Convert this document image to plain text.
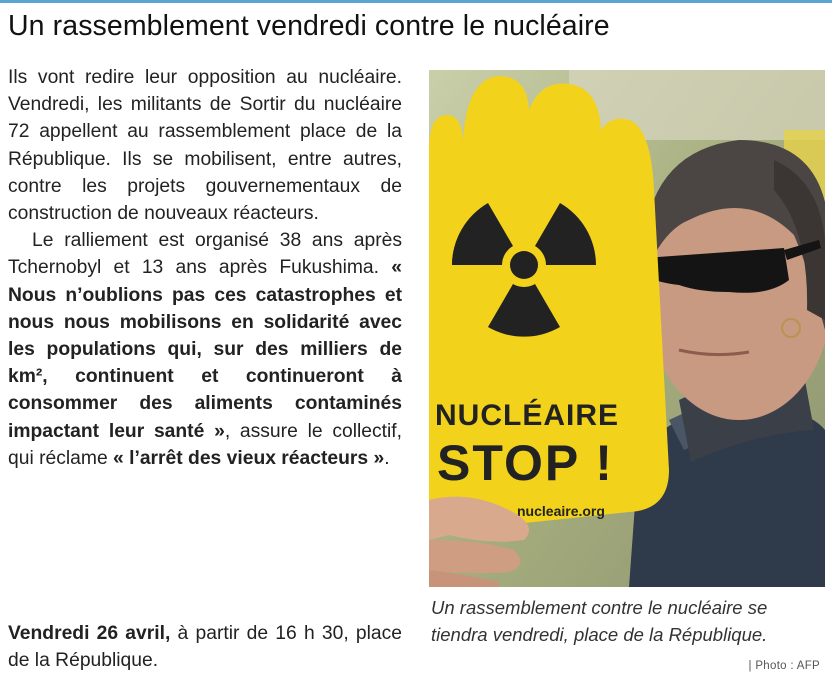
Un rassemblement vendredi contre le nucléaire

Ils vont redire leur opposition au nucléaire. Vendredi, les militants de Sortir du nucléaire 72 appellent au rassemblement place de la République. Ils se mobilisent, entre autres, contre les projets gouvernementaux de construction de nouveaux réacteurs.

Le ralliement est organisé 38 ans après Tchernobyl et 13 ans après Fukushima. « Nous n’oublions pas ces catastrophes et nous nous mobilisons en solidarité avec les populations qui, sur des milliers de km², continuent et continueront à consommer des aliments contaminés impactant leur santé », assure le collectif, qui réclame « l’arrêt des vieux réacteurs ».

Vendredi 26 avril, à partir de 16 h 30, place de la République.
NUCLÉAIRE
STOP !
nucleaire.org
Un rassemblement contre le nucléaire se tiendra vendredi, place de la République.
| Photo : AFP
